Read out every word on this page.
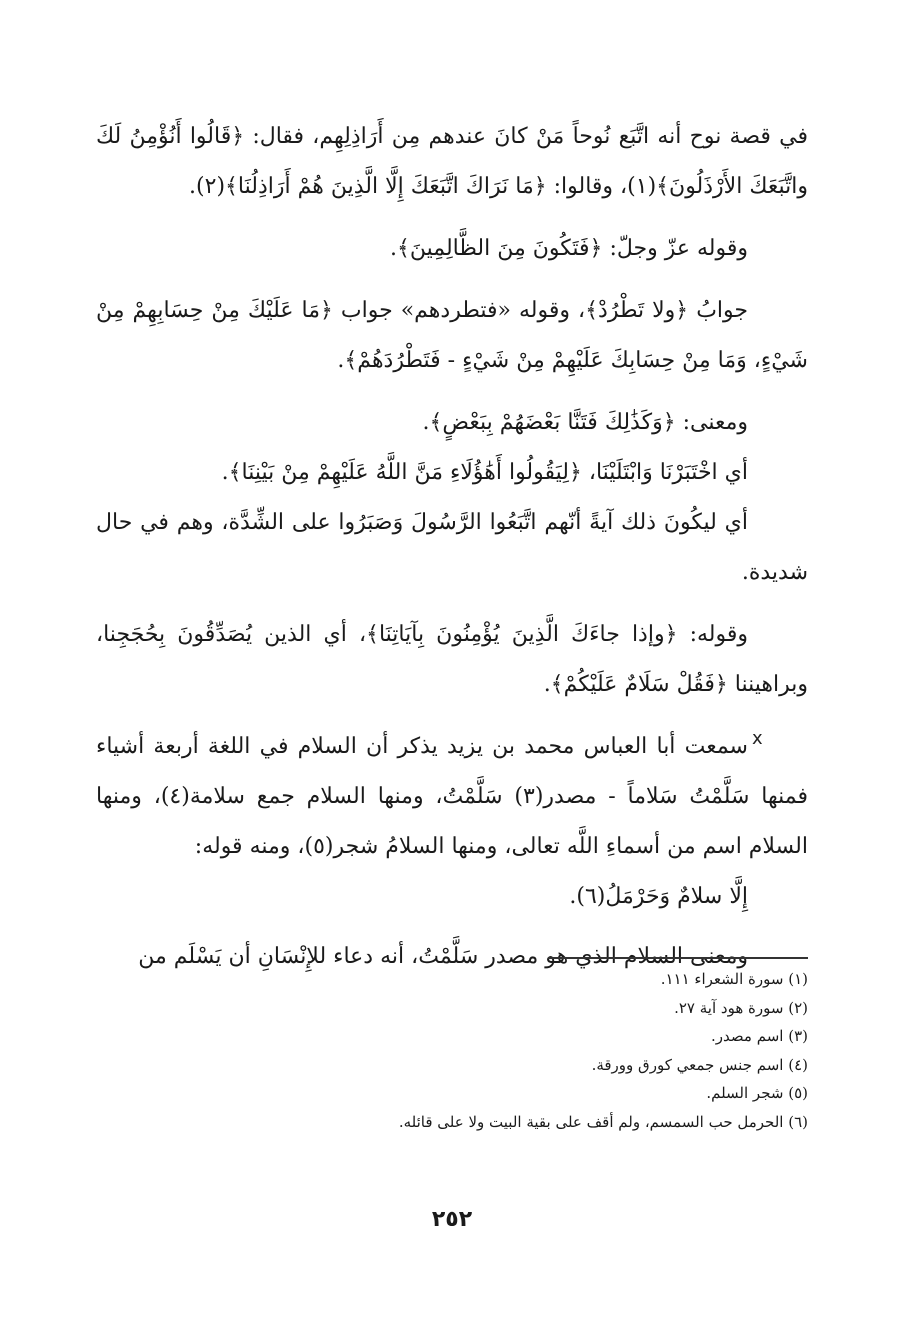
في قصة نوح أنه اتَّبَع نُوحاً مَنْ كانَ عندهم مِن أَرَاذِلِهِم، فقال: ﴿قَالُوا أَنُؤْمِنُ لَكَ واتَّبَعَكَ الأَرْذَلُونَ﴾(١)، وقالوا: ﴿مَا نَرَاكَ اتَّبَعَكَ إِلَّا الَّذِينَ هُمْ أَرَاذِلُنَا﴾(٢).

وقوله عزّ وجلّ: ﴿فَتَكُونَ مِنَ الظَّالِمِينَ﴾.

جوابُ ﴿ولا تَطْرُدْ﴾، وقوله «فتطردهم» جواب ﴿مَا عَلَيْكَ مِنْ حِسَابِهِمْ مِنْ شَيْءٍ، وَمَا مِنْ حِسَابِكَ عَلَيْهِمْ مِنْ شَيْءٍ - فَتَطْرُدَهُمْ﴾.

ومعنى: ﴿وَكَذَٰلِكَ فَتَنَّا بَعْضَهُمْ بِبَعْضٍ﴾.

أي اخْتَبَرْنَا وَابْتَلَيْنَا، ﴿لِيَقُولُوا أَهَٰؤُلَاءِ مَنَّ اللَّهُ عَلَيْهِمْ مِنْ بَيْنِنَا﴾.

أي ليكُونَ ذلك آيةً أنّهم اتَّبَعُوا الرَّسُولَ وَصَبَرُوا على الشِّدَّة، وهم في حال شديدة.

وقوله: ﴿وإذا جاءَكَ الَّذِينَ يُؤْمِنُونَ بِآيَاتِنَا﴾، أي الذين يُصَدِّقُونَ بِحُجَجِنا، وبراهيننا ﴿فَقُلْ سَلَامٌ عَلَيْكُمْ﴾.

سمعت أبا العباس محمد بن يزيد يذكر أن السلام في اللغة أربعة أشياء فمنها سَلَّمْتُ سَلاماً - مصدر(٣) سَلَّمْتُ، ومنها السلام جمع سلامة(٤)، ومنها السلام اسم من أسماءِ اللَّه تعالى، ومنها السلامُ شجر(٥)، ومنه قوله:

إِلَّا سلامٌ وَحَرْمَلُ(٦).

ومعنى السلام الذي هو مصدر سَلَّمْتُ، أنه دعاء للإِنْسَانِ أن يَسْلَم من

x

(١) سورة الشعراء ١١١.

(٢) سورة هود آية ٢٧.

(٣) اسم مصدر.

(٤) اسم جنس جمعي كورق وورقة.

(٥) شجر السلم.

(٦) الحرمل حب السمسم، ولم أقف على بقية البيت ولا على قائله.

٢٥٢
